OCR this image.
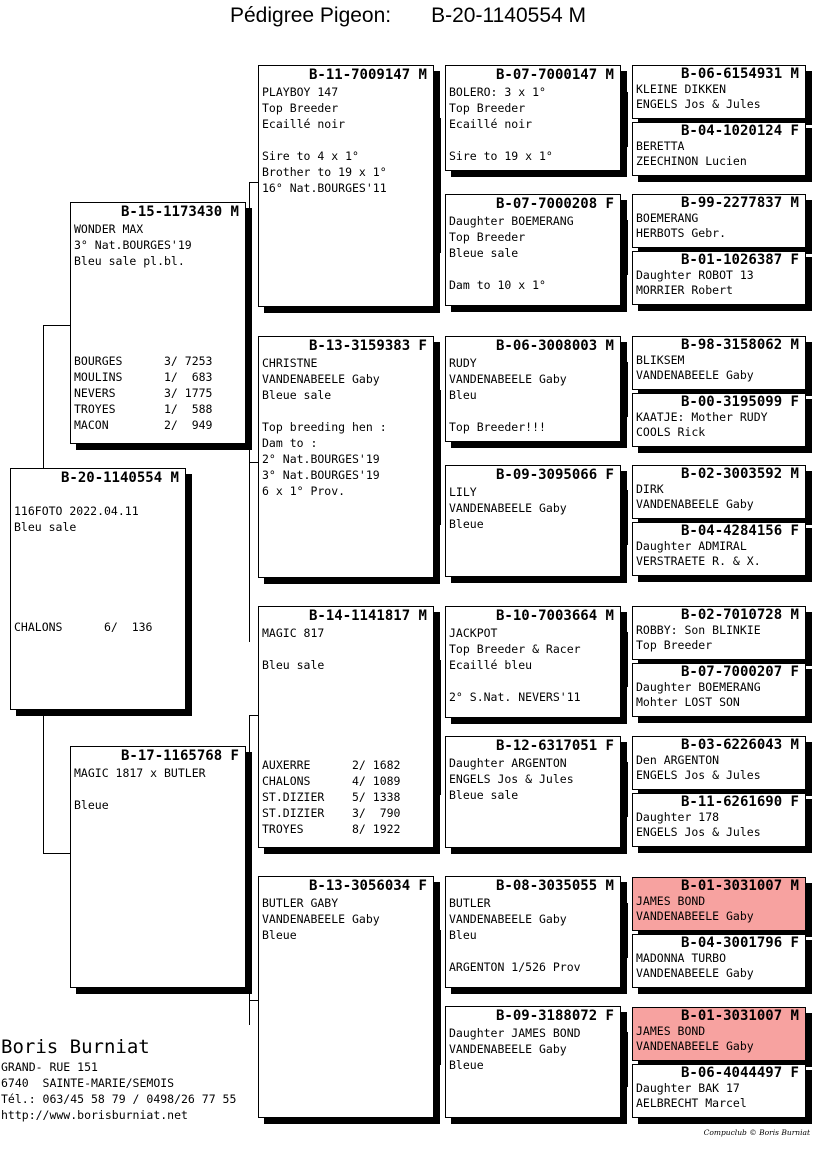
Pédigree Pigeon: B-20-1140554 M
B-20-1140554 M

116FOTO 2022.04.11
Bleu sale
CHALONS	6/  136
B-15-1173430 M
WONDER MAX
3° Nat.BOURGES'19
Bleu sale pl.bl.
BOURGES	3/ 7253
MOULINS	1/  683
NEVERS	3/ 1775
TROYES	1/  588
MACON	2/  949
B-17-1165768 F
MAGIC 1817 x BUTLER

Bleue
B-11-7009147 M
PLAYBOY 147
Top Breeder
Ecaillé noir

Sire to 4 x 1°
Brother to 19 x 1°
16° Nat.BOURGES'11
B-13-3159383 F
CHRISTNE
VANDENABEELE Gaby
Bleue sale

Top breeding hen :
Dam to :
2° Nat.BOURGES'19
3° Nat.BOURGES'19
6 x 1° Prov.
B-14-1141817 M
MAGIC 817

Bleu sale
AUXERRE	2/ 1682
CHALONS	4/ 1089
ST.DIZIER 5/ 1338
ST.DIZIER 3/  790
TROYES	8/ 1922
B-13-3056034 F
BUTLER GABY
VANDENABEELE Gaby
Bleue
B-07-7000147 M
BOLERO: 3 x 1°
Top Breeder
Ecaillé noir

Sire to 19 x 1°
B-07-7000208 F
Daughter BOEMERANG
Top Breeder
Bleue sale

Dam to 10 x 1°
B-06-3008003 M
RUDY
VANDENABEELE Gaby
Bleu

Top Breeder!!!
B-09-3095066 F
LILY
VANDENABEELE Gaby
Bleue
B-10-7003664 M
JACKPOT
Top Breeder & Racer
Ecaillé bleu

2° S.Nat. NEVERS'11
B-12-6317051 F
Daughter ARGENTON
ENGELS Jos & Jules
Bleue sale
B-08-3035055 M
BUTLER
VANDENABEELE Gaby
Bleu

ARGENTON 1/526 Prov
B-09-3188072 F
Daughter JAMES BOND
VANDENABEELE Gaby
Bleue
B-06-6154931 M
KLEINE DIKKEN
ENGELS Jos & Jules
B-04-1020124 F
BERETTA
ZEECHINON Lucien
B-99-2277837 M
BOEMERANG
HERBOTS Gebr.
B-01-1026387 F
Daughter ROBOT 13
MORRIER Robert
B-98-3158062 M
BLIKSEM
VANDENABEELE Gaby
B-00-3195099 F
KAATJE: Mother RUDY
COOLS Rick
B-02-3003592 M
DIRK
VANDENABEELE Gaby
B-04-4284156 F
Daughter ADMIRAL
VERSTRAETE R. & X.
B-02-7010728 M
ROBBY: Son BLINKIE
Top Breeder
B-07-7000207 F
Daughter BOEMERANG
Mohter LOST SON
B-03-6226043 M
Den ARGENTON
ENGELS Jos & Jules
B-11-6261690 F
Daughter 178
ENGELS Jos & Jules
B-01-3031007 M
JAMES BOND
VANDENABEELE Gaby
B-04-3001796 F
MADONNA TURBO
VANDENABEELE Gaby
B-01-3031007 M
JAMES BOND
VANDENABEELE Gaby
B-06-4044497 F
Daughter BAK 17
AELBRECHT Marcel
Boris Burniat
GRAND- RUE 151
6740  SAINTE-MARIE/SEMOIS
Tél.: 063/45 58 79 / 0498/26 77 55
http://www.borisburniat.net
Compuclub © Boris Burniat
